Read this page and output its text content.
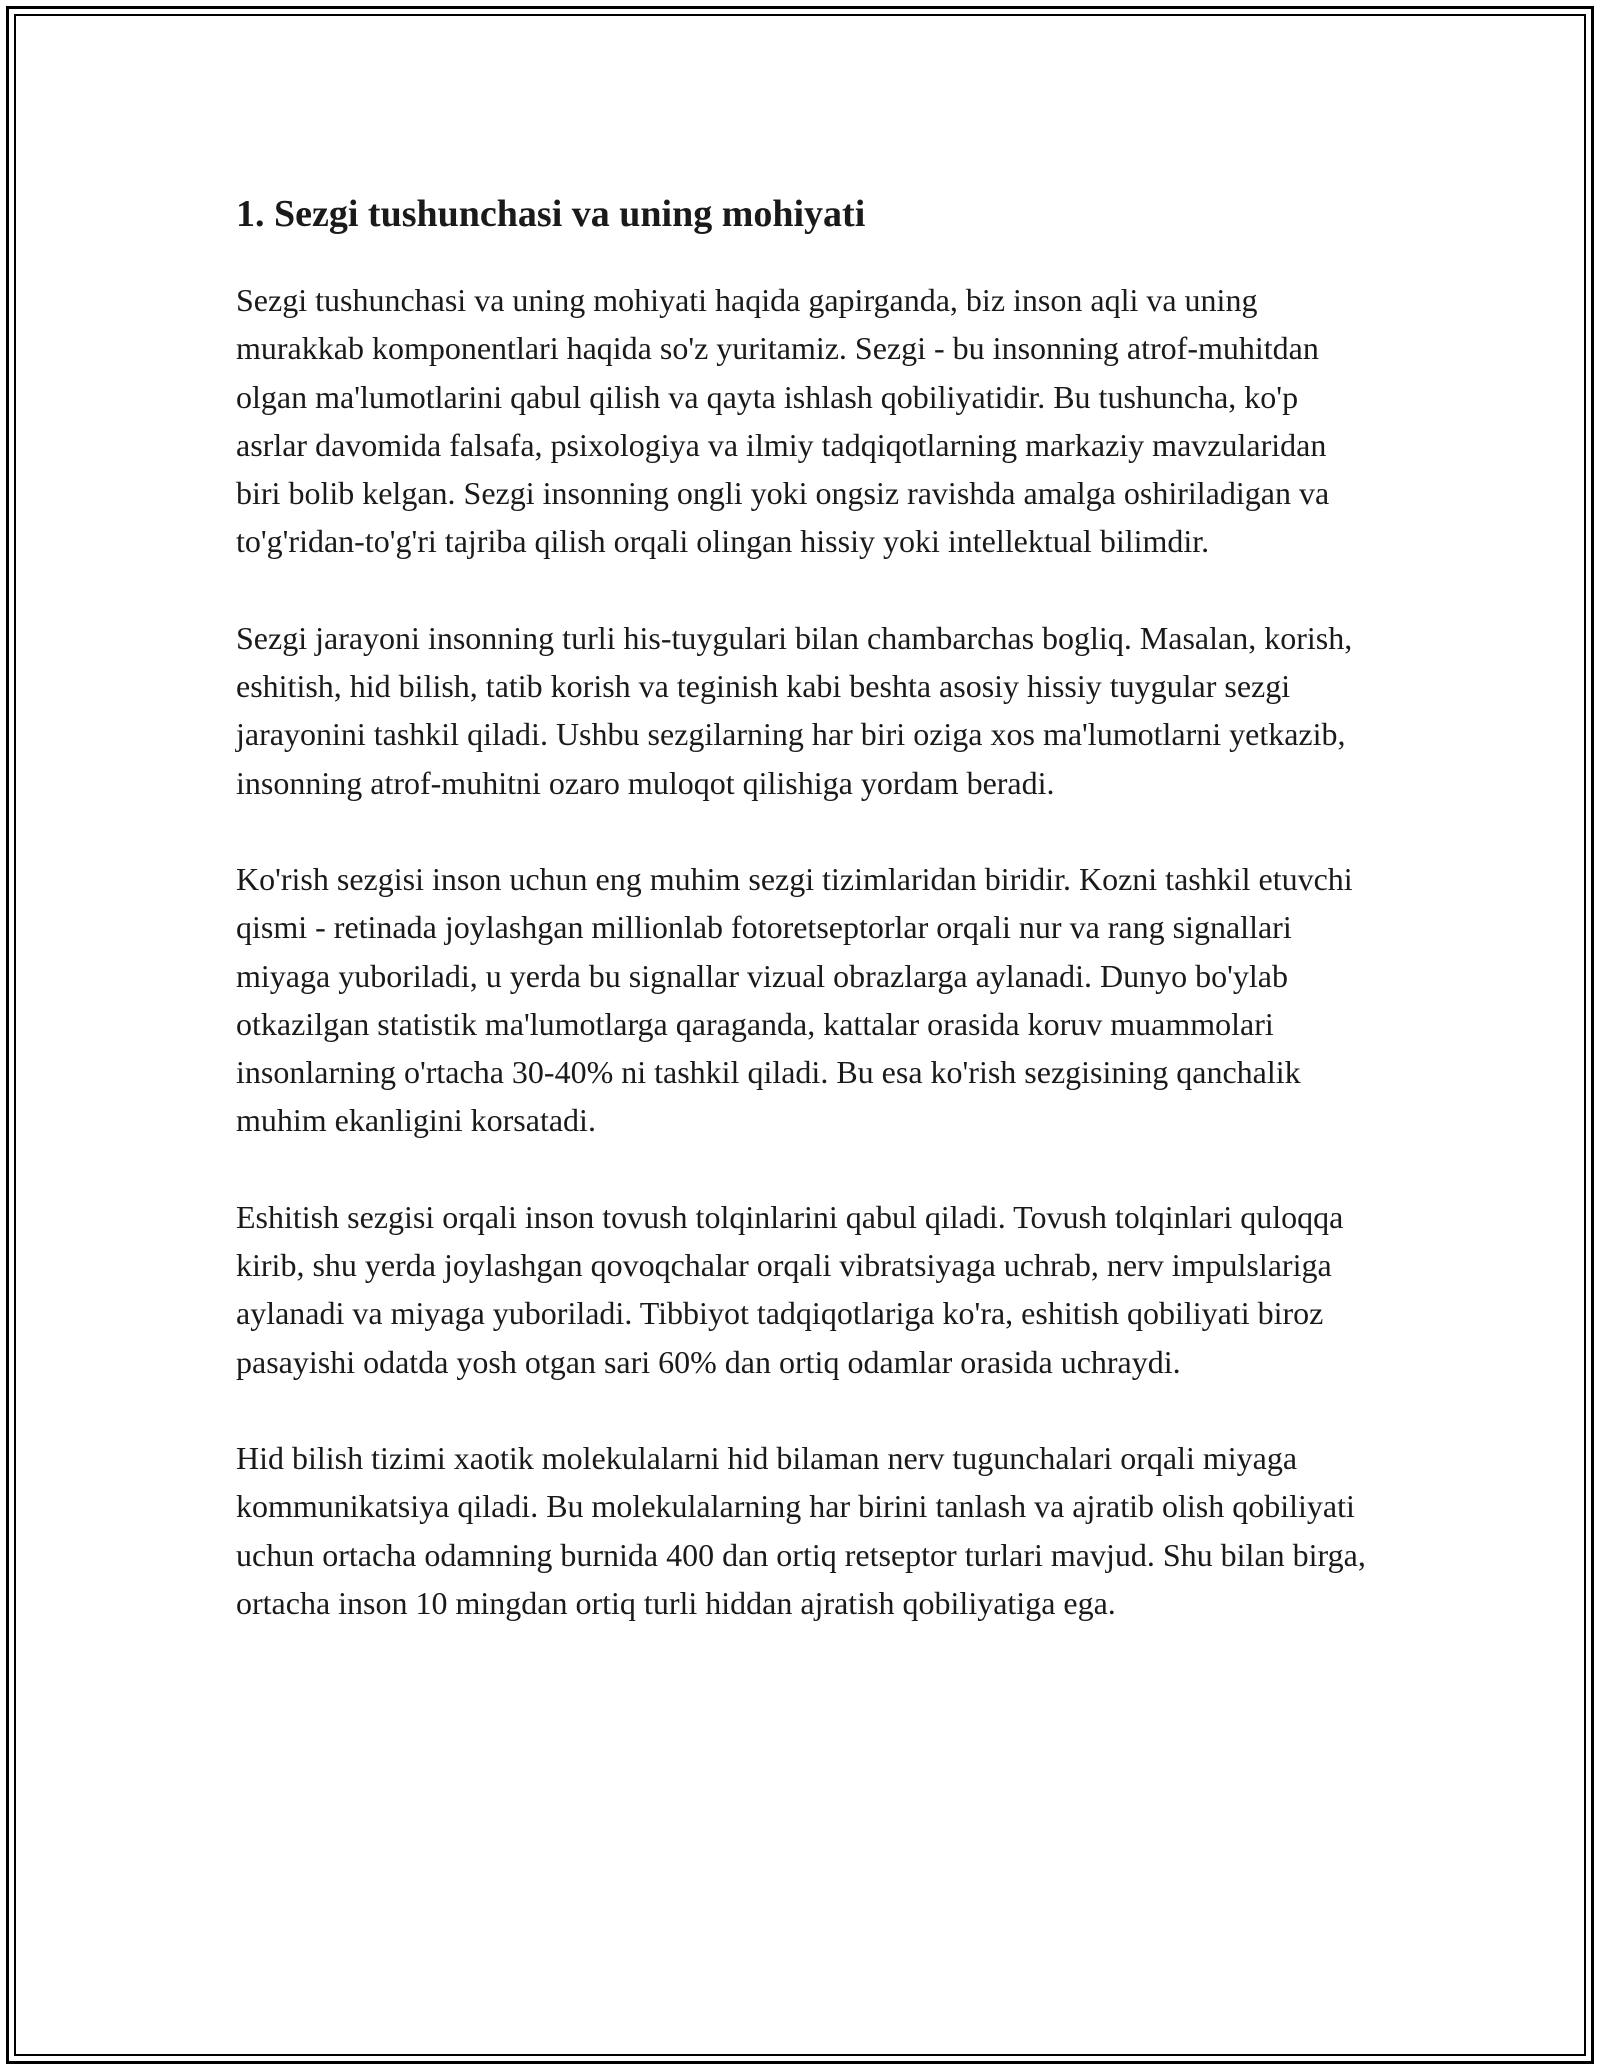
1. Sezgi tushunchasi va uning mohiyati

Sezgi tushunchasi va uning mohiyati haqida gapirganda, biz inson aqli va uning murakkab komponentlari haqida so'z yuritamiz. Sezgi - bu insonning atrof-muhitdan olgan ma'lumotlarini qabul qilish va qayta ishlash qobiliyatidir. Bu tushuncha, ko'p asrlar davomida falsafa, psixologiya va ilmiy tadqiqotlarning markaziy mavzularidan biri bolib kelgan. Sezgi insonning ongli yoki ongsiz ravishda amalga oshiriladigan va to'g'ridan-to'g'ri tajriba qilish orqali olingan hissiy yoki intellektual bilimdir.

Sezgi jarayoni insonning turli his-tuygulari bilan chambarchas bogliq. Masalan, korish, eshitish, hid bilish, tatib korish va teginish kabi beshta asosiy hissiy tuygular sezgi jarayonini tashkil qiladi. Ushbu sezgilarning har biri oziga xos ma'lumotlarni yetkazib, insonning atrof-muhitni ozaro muloqot qilishiga yordam beradi.

Ko'rish sezgisi inson uchun eng muhim sezgi tizimlaridan biridir. Kozni tashkil etuvchi qismi - retinada joylashgan millionlab fotoretseptorlar orqali nur va rang signallari miyaga yuboriladi, u yerda bu signallar vizual obrazlarga aylanadi. Dunyo bo'ylab otkazilgan statistik ma'lumotlarga qaraganda, kattalar orasida koruv muammolari insonlarning o'rtacha 30-40% ni tashkil qiladi. Bu esa ko'rish sezgisining qanchalik muhim ekanligini korsatadi.

Eshitish sezgisi orqali inson tovush tolqinlarini qabul qiladi. Tovush tolqinlari quloqqa kirib, shu yerda joylashgan qovoqchalar orqali vibratsiyaga uchrab, nerv impulslariga aylanadi va miyaga yuboriladi. Tibbiyot tadqiqotlariga ko'ra, eshitish qobiliyati biroz pasayishi odatda yosh otgan sari 60% dan ortiq odamlar orasida uchraydi.

Hid bilish tizimi xaotik molekulalarni hid bilaman nerv tugunchalari orqali miyaga kommunikatsiya qiladi. Bu molekulalarning har birini tanlash va ajratib olish qobiliyati uchun ortacha odamning burnida 400 dan ortiq retseptor turlari mavjud. Shu bilan birga, ortacha inson 10 mingdan ortiq turli hiddan ajratish qobiliyatiga ega.
